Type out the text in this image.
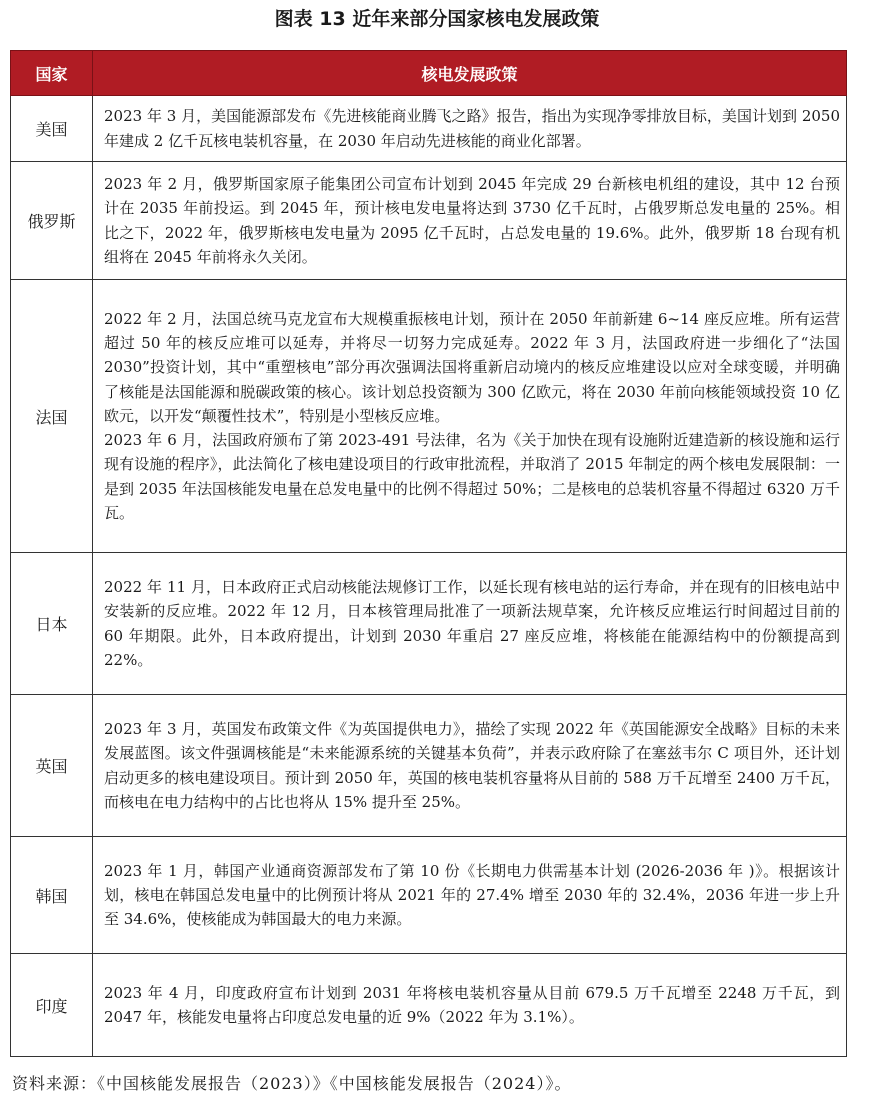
图表 13 近年来部分国家核电发展政策
国家	核电发展政策
美国	2023 年 3 月，美国能源部发布《先进核能商业腾飞之路》报告，指出为实现净零排放目标，美国计划到 2050 年建成 2 亿千瓦核电装机容量，在 2030 年启动先进核能的商业化部署。

俄罗斯	2023 年 2 月，俄罗斯国家原子能集团公司宣布计划到 2045 年完成 29 台新核电机组的建设，其中 12 台预计在 2035 年前投运。到 2045 年，预计核电发电量将达到 3730 亿千瓦时，占俄罗斯总发电量的 25%。相比之下，2022 年，俄罗斯核电发电量为 2095 亿千瓦时，占总发电量的 19.6%。此外，俄罗斯 18 台现有机组将在 2045 年前将永久关闭。

法国	2022 年 2 月，法国总统马克龙宣布大规模重振核电计划，预计在 2050 年前新建 6~14 座反应堆。所有运营超过 50 年的核反应堆可以延寿，并将尽一切努力完成延寿。2022 年 3 月，法国政府进一步细化了“法国 2030”投资计划，其中“重塑核电”部分再次强调法国将重新启动境内的核反应堆建设以应对全球变暖，并明确了核能是法国能源和脱碳政策的核心。该计划总投资额为 300 亿欧元，将在 2030 年前向核能领域投资 10 亿欧元，以开发“颠覆性技术”，特别是小型核反应堆。
2023 年 6 月，法国政府颁布了第 2023-491 号法律，名为《关于加快在现有设施附近建造新的核设施和运行现有设施的程序》，此法简化了核电建设项目的行政审批流程，并取消了 2015 年制定的两个核电发展限制：一是到 2035 年法国核能发电量在总发电量中的比例不得超过 50%；二是核电的总装机容量不得超过 6320 万千瓦。

日本	2022 年 11 月，日本政府正式启动核能法规修订工作，以延长现有核电站的运行寿命，并在现有的旧核电站中安装新的反应堆。2022 年 12 月，日本核管理局批准了一项新法规草案，允许核反应堆运行时间超过目前的 60 年期限。此外，日本政府提出，计划到 2030 年重启 27 座反应堆，将核能在能源结构中的份额提高到 22%。

英国	2023 年 3 月，英国发布政策文件《为英国提供电力》，描绘了实现 2022 年《英国能源安全战略》目标的未来发展蓝图。该文件强调核能是“未来能源系统的关键基本负荷”，并表示政府除了在塞兹韦尔 C 项目外，还计划启动更多的核电建设项目。预计到 2050 年，英国的核电装机容量将从目前的 588 万千瓦增至 2400 万千瓦，而核电在电力结构中的占比也将从 15% 提升至 25%。

韩国	2023 年 1 月，韩国产业通商资源部发布了第 10 份《长期电力供需基本计划 (2026-2036 年 )》。根据该计划，核电在韩国总发电量中的比例预计将从 2021 年的 27.4% 增至 2030 年的 32.4%，2036 年进一步上升至 34.6%，使核能成为韩国最大的电力来源。

印度	2023 年 4 月，印度政府宣布计划到 2031 年将核电装机容量从目前 679.5 万千瓦增至 2248 万千瓦，到 2047 年，核能发电量将占印度总发电量的近 9%（2022 年为 3.1%）。
资料来源：《中国核能发展报告（2023）》《中国核能发展报告（2024）》。
